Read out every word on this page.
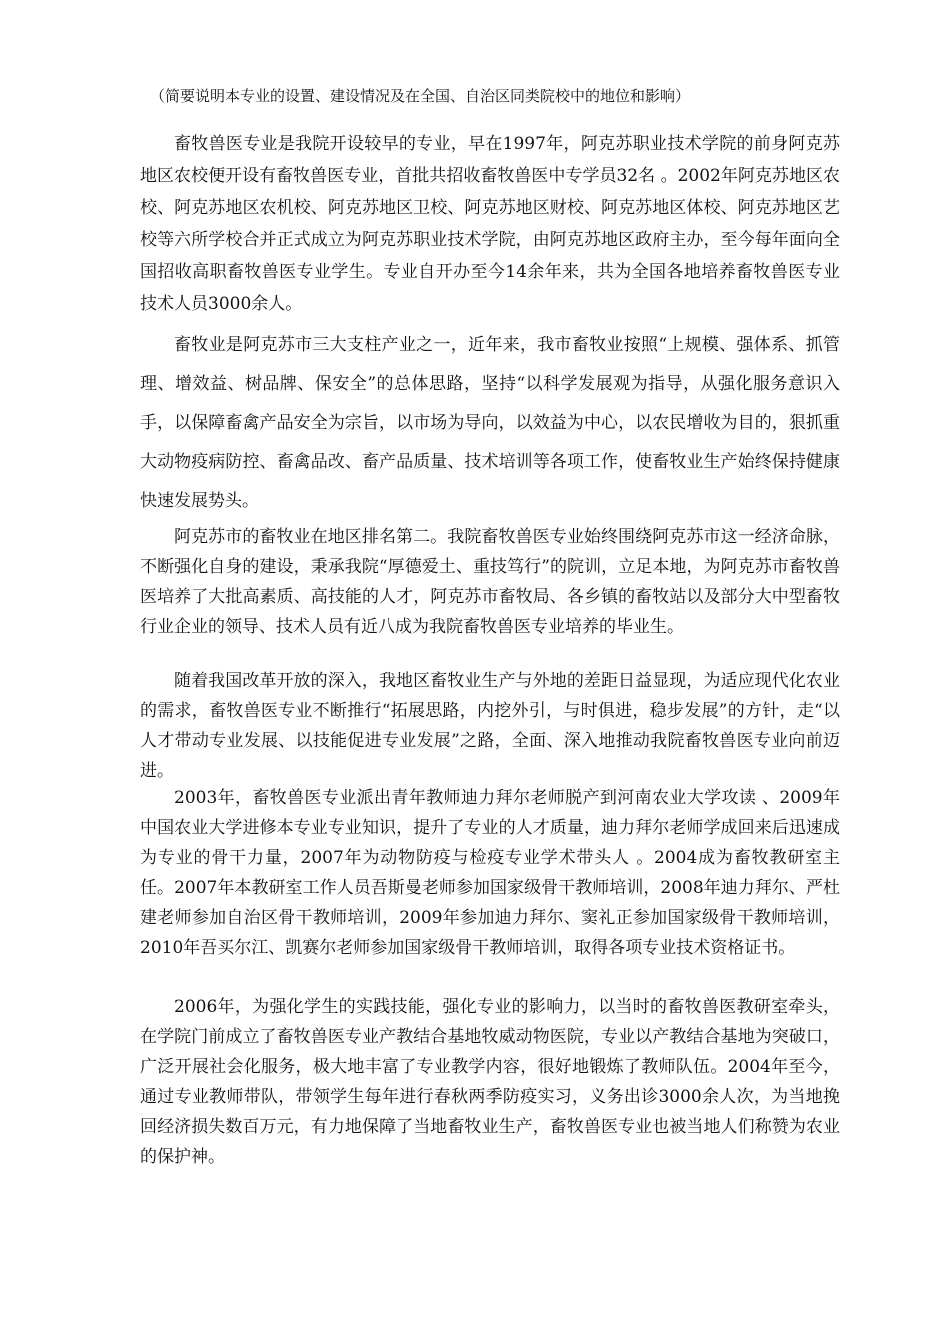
（简要说明本专业的设置、建设情况及在全国、自治区同类院校中的地位和影响）

畜牧兽医专业是我院开设较早的专业，早在1997年，阿克苏职业技术学院的前身阿克苏地区农校便开设有畜牧兽医专业，首批共招收畜牧兽医中专学员32名 。2002年阿克苏地区农校、阿克苏地区农机校、阿克苏地区卫校、阿克苏地区财校、阿克苏地区体校、阿克苏地区艺校等六所学校合并正式成立为阿克苏职业技术学院，由阿克苏地区政府主办，至今每年面向全国招收高职畜牧兽医专业学生。专业自开办至今14余年来，共为全国各地培养畜牧兽医专业技术人员3000余人。

畜牧业是阿克苏市三大支柱产业之一，近年来，我市畜牧业按照“上规模、强体系、抓管理、增效益、树品牌、保安全”的总体思路，坚持“以科学发展观为指导，从强化服务意识入手，以保障畜禽产品安全为宗旨，以市场为导向，以效益为中心，以农民增收为目的，狠抓重大动物疫病防控、畜禽品改、畜产品质量、技术培训等各项工作，使畜牧业生产始终保持健康快速发展势头。

阿克苏市的畜牧业在地区排名第二。我院畜牧兽医专业始终围绕阿克苏市这一经济命脉，不断强化自身的建设，秉承我院“厚德爱土、重技笃行”的院训，立足本地，为阿克苏市畜牧兽医培养了大批高素质、高技能的人才，阿克苏市畜牧局、各乡镇的畜牧站以及部分大中型畜牧行业企业的领导、技术人员有近八成为我院畜牧兽医专业培养的毕业生。

随着我国改革开放的深入，我地区畜牧业生产与外地的差距日益显现，为适应现代化农业的需求，畜牧兽医专业不断推行“拓展思路，内挖外引，与时俱进，稳步发展”的方针，走“以人才带动专业发展、以技能促进专业发展”之路，全面、深入地推动我院畜牧兽医专业向前迈进。

2003年，畜牧兽医专业派出青年教师迪力拜尔老师脱产到河南农业大学攻读 、2009年中国农业大学进修本专业专业知识，提升了专业的人才质量，迪力拜尔老师学成回来后迅速成为专业的骨干力量，2007年为动物防疫与检疫专业学术带头人 。2004成为畜牧教研室主任。2007年本教研室工作人员吾斯曼老师参加国家级骨干教师培训，2008年迪力拜尔、严杜建老师参加自治区骨干教师培训，2009年参加迪力拜尔、窦礼正参加国家级骨干教师培训，2010年吾买尔江、凯赛尔老师参加国家级骨干教师培训，取得各项专业技术资格证书。

2006年，为强化学生的实践技能，强化专业的影响力，以当时的畜牧兽医教研室牵头，在学院门前成立了畜牧兽医专业产教结合基地牧威动物医院，专业以产教结合基地为突破口，广泛开展社会化服务，极大地丰富了专业教学内容，很好地锻炼了教师队伍。2004年至今，通过专业教师带队，带领学生每年进行春秋两季防疫实习，义务出诊3000余人次，为当地挽回经济损失数百万元，有力地保障了当地畜牧业生产，畜牧兽医专业也被当地人们称赞为农业的保护神。
